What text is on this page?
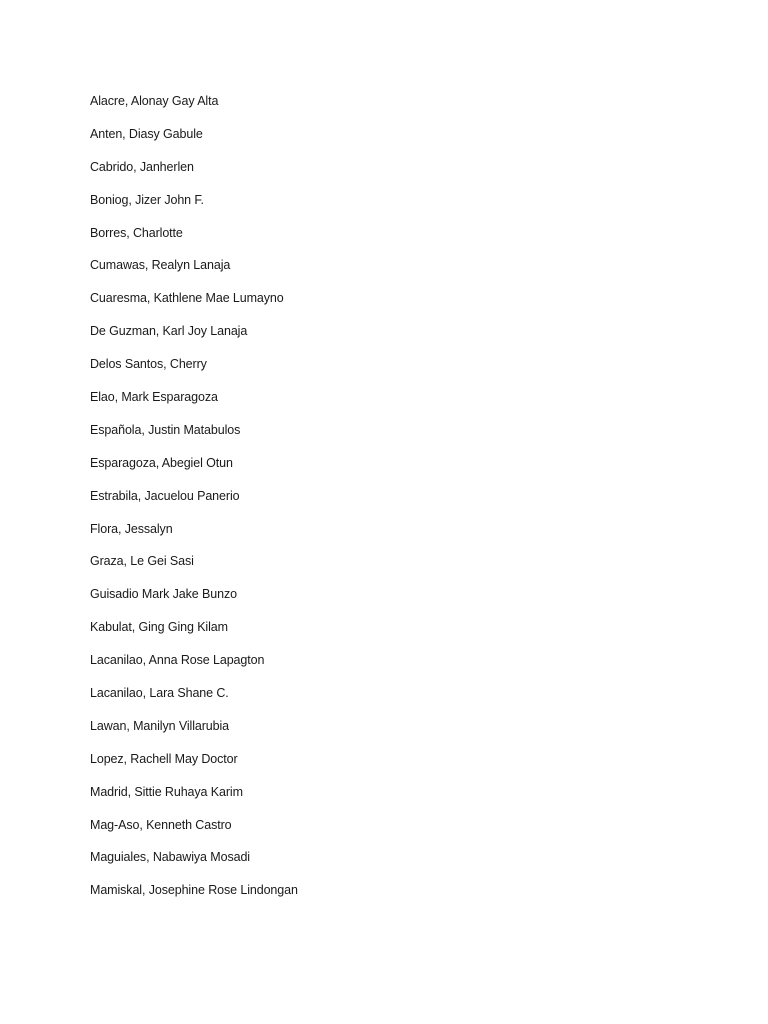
Alacre, Alonay Gay Alta
Anten, Diasy Gabule
Cabrido, Janherlen
Boniog, Jizer John F.
Borres, Charlotte
Cumawas, Realyn Lanaja
Cuaresma, Kathlene Mae Lumayno
De Guzman, Karl Joy Lanaja
Delos Santos, Cherry
Elao, Mark Esparagoza
Española, Justin Matabulos
Esparagoza, Abegiel Otun
Estrabila, Jacuelou Panerio
Flora, Jessalyn
Graza, Le Gei Sasi
Guisadio Mark Jake Bunzo
Kabulat, Ging Ging Kilam
Lacanilao, Anna Rose Lapagton
Lacanilao, Lara Shane C.
Lawan, Manilyn Villarubia
Lopez, Rachell May Doctor
Madrid, Sittie Ruhaya Karim
Mag-Aso, Kenneth Castro
Maguiales, Nabawiya Mosadi
Mamiskal, Josephine Rose Lindongan
